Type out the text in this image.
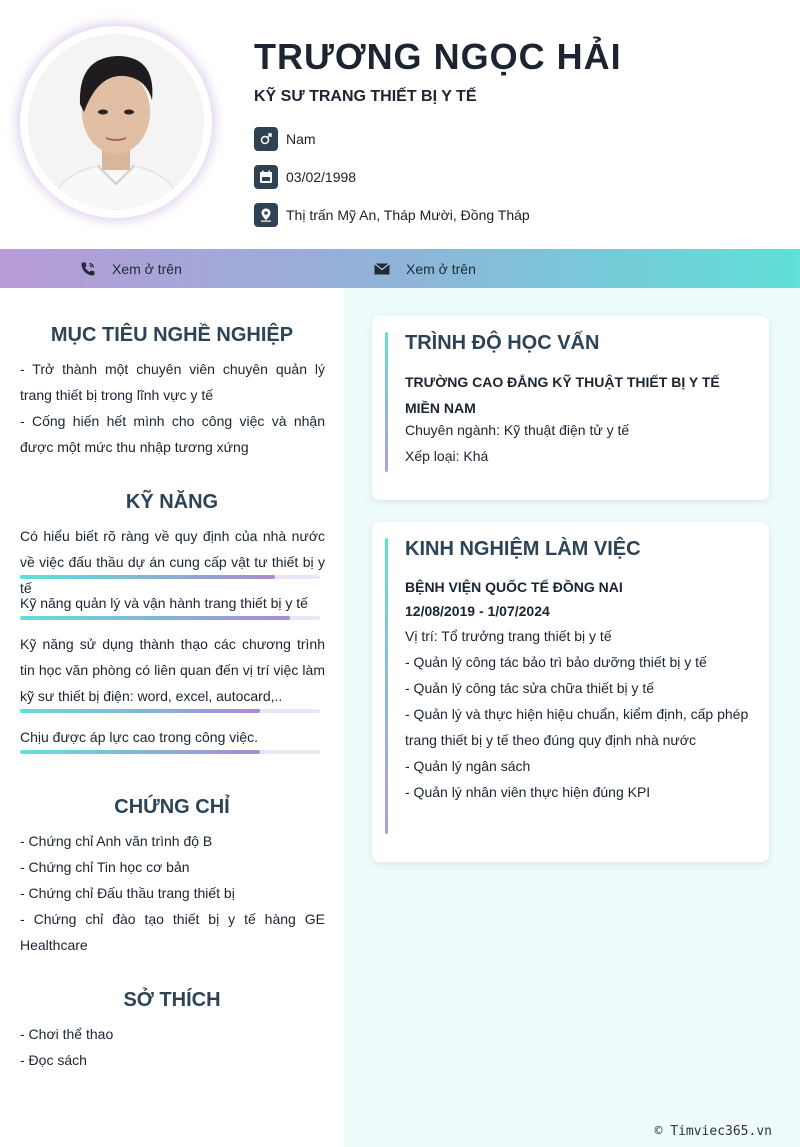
TRƯƠNG NGỌC HẢI
KỸ SƯ TRANG THIẾT BỊ Y TẾ
Nam
03/02/1998
Thị trấn Mỹ An, Tháp Mười, Đồng Tháp
Xem ở trên	Xem ở trên
MỤC TIÊU NGHỀ NGHIỆP
- Trở thành một chuyên viên chuyên quản lý trang thiết bị trong lĩnh vực y tế
- Cống hiến hết mình cho công việc và nhận được một mức thu nhập tương xứng
KỸ NĂNG
Có hiểu biết rõ ràng về quy định của nhà nước về việc đấu thầu dự án cung cấp vật tư thiết bị y tế
Kỹ năng quản lý và vận hành trang thiết bị y tế
Kỹ năng sử dụng thành thạo các chương trình tin học văn phòng có liên quan đến vị trí việc làm kỹ sư thiết bị điện: word, excel, autocard,..
Chịu được áp lực cao trong công việc.
CHỨNG CHỈ
- Chứng chỉ Anh văn trình độ B
- Chứng chỉ Tin học cơ bản
- Chứng chỉ Đấu thầu trang thiết bị
- Chứng chỉ đào tạo thiết bị y tế hàng GE Healthcare
SỞ THÍCH
- Chơi thể thao
- Đọc sách
TRÌNH ĐỘ HỌC VẤN
TRƯỜNG CAO ĐẲNG KỸ THUẬT THIẾT BỊ Y TẾ MIỀN NAM
Chuyên ngành: Kỹ thuật điện tử y tế
Xếp loại: Khá
KINH NGHIỆM LÀM VIỆC
BỆNH VIỆN QUỐC TẾ ĐỒNG NAI
12/08/2019 - 1/07/2024
Vị trí: Tổ trưởng trang thiết bị y tế
- Quản lý công tác bảo trì bảo dưỡng thiết bị y tế
- Quản lý công tác sửa chữa thiết bị y tế
- Quản lý và thực hiện hiệu chuẩn, kiểm định, cấp phép trang thiết bị y tế theo đúng quy định nhà nước
- Quản lý ngân sách
- Quản lý nhân viên thực hiện đúng KPI
© Timviec365.vn
